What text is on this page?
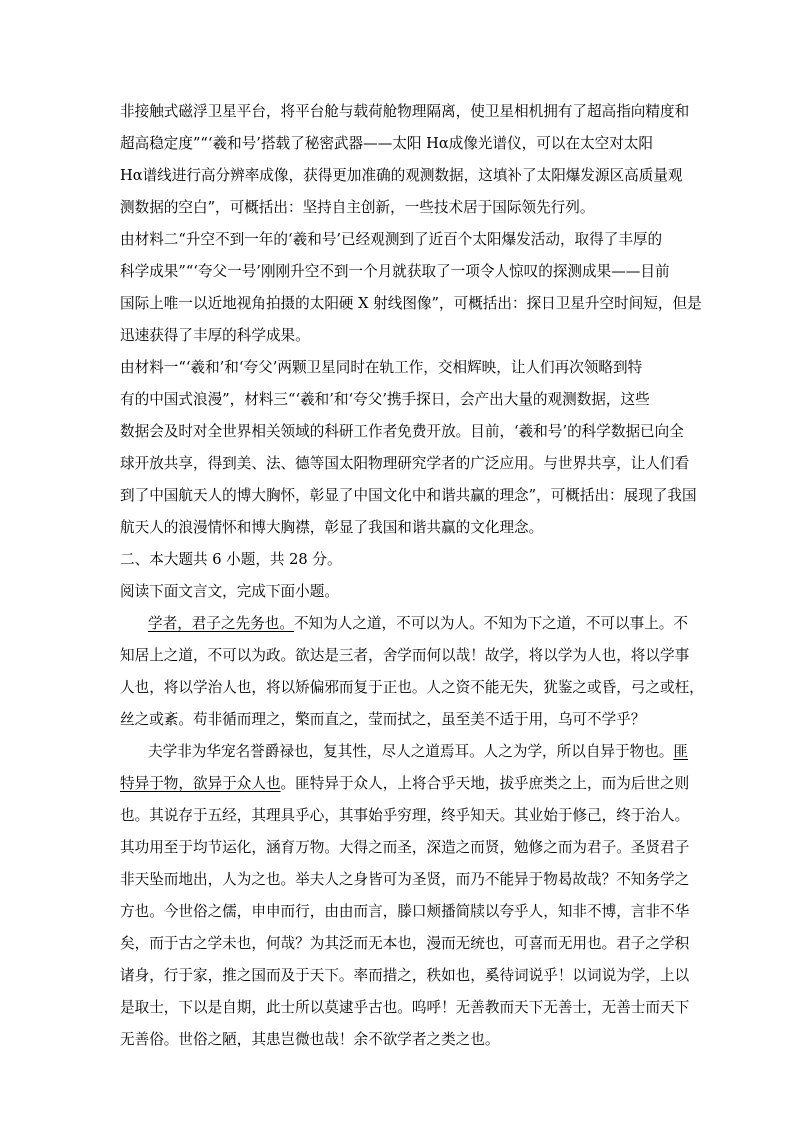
非接触式磁浮卫星平台，将平台舱与载荷舱物理隔离，使卫星相机拥有了超高指向精度和
超高稳定度”“‘羲和号’搭载了秘密武器——太阳 Hα成像光谱仪，可以在太空对太阳
Hα谱线进行高分辨率成像，获得更加准确的观测数据，这填补了太阳爆发源区高质量观
测数据的空白”，可概括出：坚持自主创新，一些技术居于国际领先行列。
由材料二“升空不到一年的‘羲和号’已经观测到了近百个太阳爆发活动，取得了丰厚的
科学成果”“‘夸父一号’刚刚升空不到一个月就获取了一项令人惊叹的探测成果——目前
国际上唯一以近地视角拍摄的太阳硬 X 射线图像”，可概括出：探日卫星升空时间短，但是
迅速获得了丰厚的科学成果。
由材料一“‘羲和’和‘夸父’两颗卫星同时在轨工作，交相辉映，让人们再次领略到特
有的中国式浪漫”，材料三“‘羲和’和‘夸父’携手探日，会产出大量的观测数据，这些
数据会及时对全世界相关领域的科研工作者免费开放。目前，‘羲和号’的科学数据已向全
球开放共享，得到美、法、德等国太阳物理研究学者的广泛应用。与世界共享，让人们看
到了中国航天人的博大胸怀，彰显了中国文化中和谐共赢的理念”，可概括出：展现了我国
航天人的浪漫情怀和博大胸襟，彰显了我国和谐共赢的文化理念。
二、本大题共 6 小题，共 28 分。
阅读下面文言文，完成下面小题。
学者，君子之先务也。不知为人之道，不可以为人。不知为下之道，不可以事上。不
知居上之道，不可以为政。欲达是三者，舍学而何以哉！故学，将以学为人也，将以学事
人也，将以学治人也，将以矫偏邪而复于正也。人之资不能无失，犹鉴之或昏，弓之或枉，
丝之或紊。苟非循而理之，檠而直之，莹而拭之，虽至美不适于用，乌可不学乎？
夫学非为华宠名誉爵禄也，复其性，尽人之道焉耳。人之为学，所以自异于物也。匪
特异于物，欲异于众人也。匪特异于众人，上将合乎天地，拔乎庶类之上，而为后世之则
也。其说存于五经，其理具乎心，其事始乎穷理，终乎知天。其业始于修己，终于治人。
其功用至于均节运化，涵育万物。大得之而圣，深造之而贤，勉修之而为君子。圣贤君子
非天坠而地出，人为之也。举夫人之身皆可为圣贤，而乃不能异于物曷故哉？不知务学之
方也。今世俗之儒，申申而行，由由而言，滕口颊播简牍以夸乎人，知非不博，言非不华
矣，而于古之学未也，何哉？为其泛而无本也，漫而无统也，可喜而无用也。君子之学积
诸身，行于家，推之国而及于天下。率而措之，秩如也，奚待词说乎！以词说为学，上以
是取士，下以是自期，此士所以莫逮乎古也。呜呼！无善教而天下无善士，无善士而天下
无善俗。世俗之陋，其患岂微也哉！余不欲学者之类之也。
